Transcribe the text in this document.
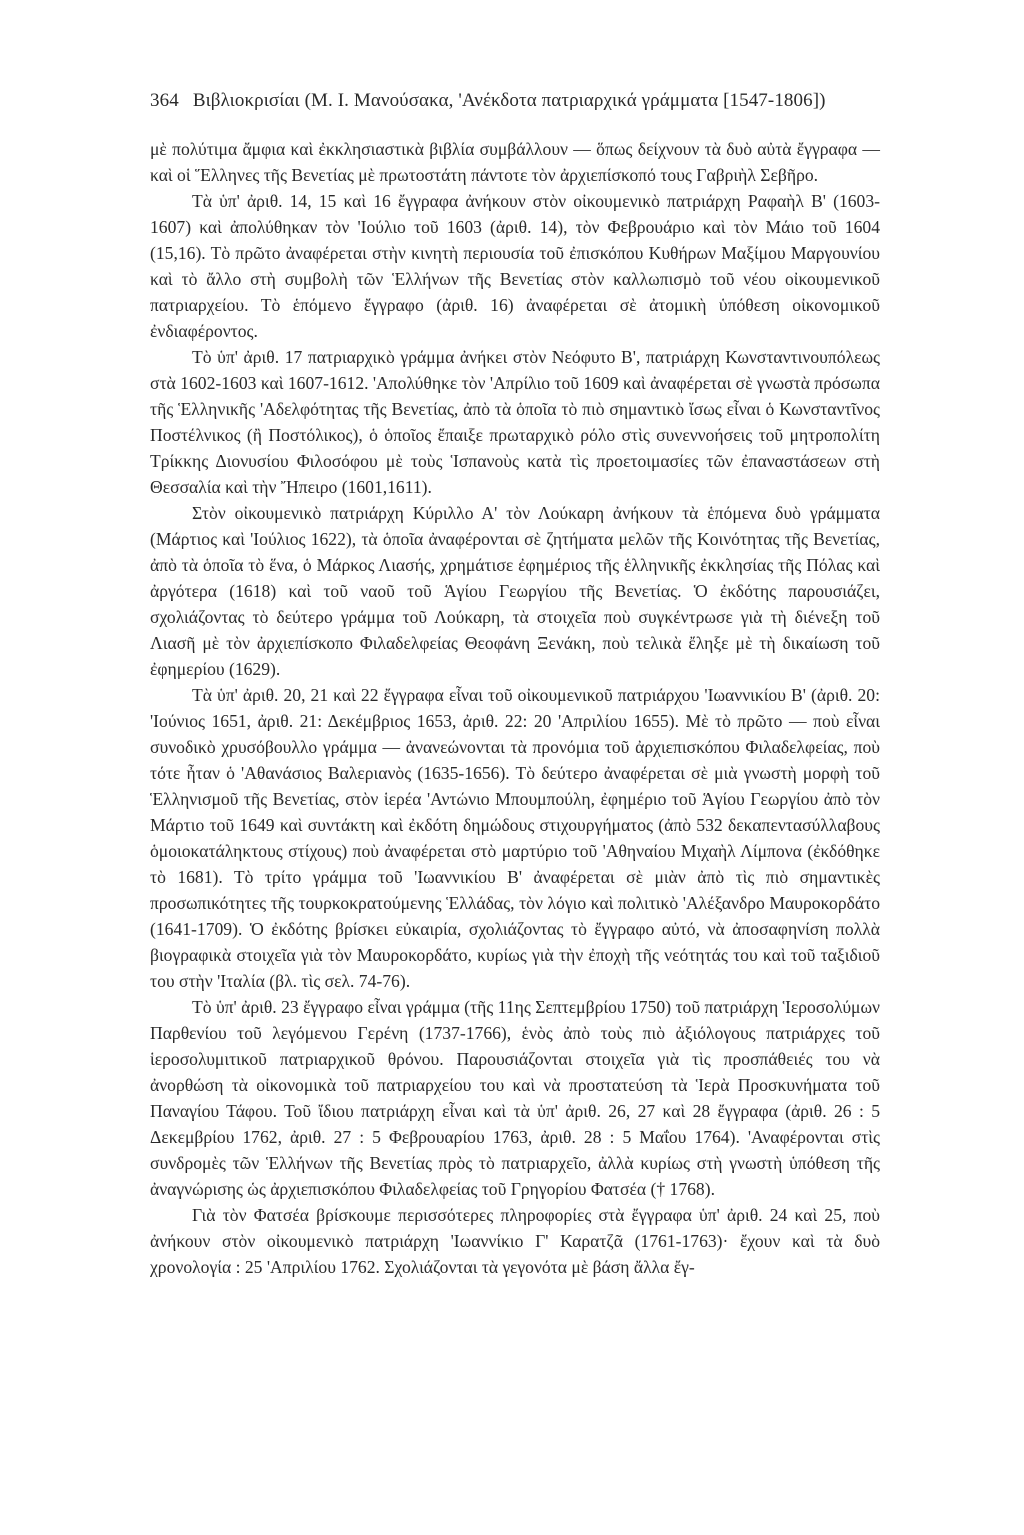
364 Βιβλιοκρισίαι (Μ. Ι. Μανούσακα, 'Ανέκδοτα πατριαρχικά γράμματα [1547-1806])

μὲ πολύτιμα ἄμφια καὶ ἐκκλησιαστικὰ βιβλία συμβάλλουν — ὅπως δείχνουν τὰ δυὸ αὐτὰ ἔγγραφα — καὶ οἱ Ἕλληνες τῆς Βενετίας μὲ πρωτοστάτη πάντοτε τὸν ἀρχιεπίσκοπό τους Γαβριὴλ Σεβῆρο.

Τὰ ὑπ' ἀριθ. 14, 15 καὶ 16 ἔγγραφα ἀνήκουν στὸν οἰκουμενικὸ πατριάρχη Ραφαὴλ Β' (1603-1607) καὶ ἀπολύθηκαν τὸν 'Ιούλιο τοῦ 1603 (ἀριθ. 14), τὸν Φεβρουάριο καὶ τὸν Μάιο τοῦ 1604 (15,16). Τὸ πρῶτο ἀναφέρεται στὴν κινητὴ περιουσία τοῦ ἐπισκόπου Κυθήρων Μαξίμου Μαργουνίου καὶ τὸ ἄλλο στὴ συμβολὴ τῶν Ἑλλήνων τῆς Βενετίας στὸν καλλωπισμὸ τοῦ νέου οἰκουμενικοῦ πατριαρχείου. Τὸ ἑπόμενο ἔγγραφο (ἀριθ. 16) ἀναφέρεται σὲ ἀτομικὴ ὑπόθεση οἰκονομικοῦ ἐνδιαφέροντος.

Τὸ ὑπ' ἀριθ. 17 πατριαρχικὸ γράμμα ἀνήκει στὸν Νεόφυτο Β', πατριάρχη Κωνσταντινουπόλεως στὰ 1602-1603 καὶ 1607-1612. 'Απολύθηκε τὸν 'Απρίλιο τοῦ 1609 καὶ ἀναφέρεται σὲ γνωστὰ πρόσωπα τῆς Ἑλληνικῆς 'Αδελφότητας τῆς Βενετίας, ἀπὸ τὰ ὁποῖα τὸ πιὸ σημαντικὸ ἴσως εἶναι ὁ Κωνσταντῖνος Ποστέλνικος (ἢ Ποστόλικος), ὁ ὁποῖος ἔπαιξε πρωταρχικὸ ρόλο στὶς συνεννοήσεις τοῦ μητροπολίτη Τρίκκης Διονυσίου Φιλοσόφου μὲ τοὺς Ἱσπανοὺς κατὰ τὶς προετοιμασίες τῶν ἐπαναστάσεων στὴ Θεσσαλία καὶ τὴν Ἤπειρο (1601,1611).

Στὸν οἰκουμενικὸ πατριάρχη Κύριλλο Α' τὸν Λούκαρη ἀνήκουν τὰ ἑπόμενα δυὸ γράμματα (Μάρτιος καὶ 'Ιούλιος 1622), τὰ ὁποῖα ἀναφέρονται σὲ ζητήματα μελῶν τῆς Κοινότητας τῆς Βενετίας, ἀπὸ τὰ ὁποῖα τὸ ἕνα, ὁ Μάρκος Λιασής, χρημάτισε ἐφημέριος τῆς ἑλληνικῆς ἐκκλησίας τῆς Πόλας καὶ ἀργότερα (1618) καὶ τοῦ ναοῦ τοῦ Ἁγίου Γεωργίου τῆς Βενετίας. Ὁ ἐκδότης παρουσιάζει, σχολιάζοντας τὸ δεύτερο γράμμα τοῦ Λούκαρη, τὰ στοιχεῖα ποὺ συγκέντρωσε γιὰ τὴ διένεξη τοῦ Λιασῆ μὲ τὸν ἀρχιεπίσκοπο Φιλαδελφείας Θεοφάνη Ξενάκη, ποὺ τελικὰ ἔληξε μὲ τὴ δικαίωση τοῦ ἐφημερίου (1629).

Τὰ ὑπ' ἀριθ. 20, 21 καὶ 22 ἔγγραφα εἶναι τοῦ οἰκουμενικοῦ πατριάρχου 'Ιωαννικίου Β' (ἀριθ. 20: 'Ιούνιος 1651, ἀριθ. 21: Δεκέμβριος 1653, ἀριθ. 22: 20 'Απριλίου 1655). Μὲ τὸ πρῶτο — ποὺ εἶναι συνοδικὸ χρυσόβουλλο γράμμα — ἀνανεώνονται τὰ προνόμια τοῦ ἀρχιεπισκόπου Φιλαδελφείας, ποὺ τότε ἦταν ὁ 'Αθανάσιος Βαλεριανὸς (1635-1656). Τὸ δεύτερο ἀναφέρεται σὲ μιὰ γνωστὴ μορφὴ τοῦ Ἑλληνισμοῦ τῆς Βενετίας, στὸν ἱερέα 'Αντώνιο Μπουμπούλη, ἐφημέριο τοῦ Ἁγίου Γεωργίου ἀπὸ τὸν Μάρτιο τοῦ 1649 καὶ συντάκτη καὶ ἐκδότη δημώδους στιχουργήματος (ἀπὸ 532 δεκαπεντασύλλαβους ὁμοιοκατάληκτους στίχους) ποὺ ἀναφέρεται στὸ μαρτύριο τοῦ 'Αθηναίου Μιχαὴλ Λίμπονα (ἐκδόθηκε τὸ 1681). Τὸ τρίτο γράμμα τοῦ 'Ιωαννικίου Β' ἀναφέρεται σὲ μιὰν ἀπὸ τὶς πιὸ σημαντικὲς προσωπικότητες τῆς τουρκοκρατούμενης Ἑλλάδας, τὸν λόγιο καὶ πολιτικὸ 'Αλέξανδρο Μαυροκορδάτο (1641-1709). Ὁ ἐκδότης βρίσκει εὐκαιρία, σχολιάζοντας τὸ ἔγγραφο αὐτό, νὰ ἀποσαφηνίση πολλὰ βιογραφικὰ στοιχεῖα γιὰ τὸν Μαυροκορδάτο, κυρίως γιὰ τὴν ἐποχὴ τῆς νεότητάς του καὶ τοῦ ταξιδιοῦ του στὴν 'Ιταλία (βλ. τὶς σελ. 74-76).

Τὸ ὑπ' ἀριθ. 23 ἔγγραφο εἶναι γράμμα (τῆς 11ης Σεπτεμβρίου 1750) τοῦ πατριάρχη Ἱεροσολύμων Παρθενίου τοῦ λεγόμενου Γερένη (1737-1766), ἑνὸς ἀπὸ τοὺς πιὸ ἀξιόλογους πατριάρχες τοῦ ἱεροσολυμιτικοῦ πατριαρχικοῦ θρόνου. Παρουσιάζονται στοιχεῖα γιὰ τὶς προσπάθειές του νὰ ἀνορθώση τὰ οἰκονομικὰ τοῦ πατριαρχείου του καὶ νὰ προστατεύση τὰ Ἱερὰ Προσκυνήματα τοῦ Παναγίου Τάφου. Τοῦ ἴδιου πατριάρχη εἶναι καὶ τὰ ὑπ' ἀριθ. 26, 27 καὶ 28 ἔγγραφα (ἀριθ. 26 : 5 Δεκεμβρίου 1762, ἀριθ. 27 : 5 Φεβρουαρίου 1763, ἀριθ. 28 : 5 Μαΐου 1764). 'Αναφέρονται στὶς συνδρομὲς τῶν Ἑλλήνων τῆς Βενετίας πρὸς τὸ πατριαρχεῖο, ἀλλὰ κυρίως στὴ γνωστὴ ὑπόθεση τῆς ἀναγνώρισης ὡς ἀρχιεπισκόπου Φιλαδελφείας τοῦ Γρηγορίου Φατσέα († 1768).

Γιὰ τὸν Φατσέα βρίσκουμε περισσότερες πληροφορίες στὰ ἔγγραφα ὑπ' ἀριθ. 24 καὶ 25, ποὺ ἀνήκουν στὸν οἰκουμενικὸ πατριάρχη 'Ιωαννίκιο Γ' Καρατζᾶ (1761-1763)· ἔχουν καὶ τὰ δυὸ χρονολογία : 25 'Απριλίου 1762. Σχολιάζονται τὰ γεγονότα μὲ βάση ἄλλα ἔγ-
